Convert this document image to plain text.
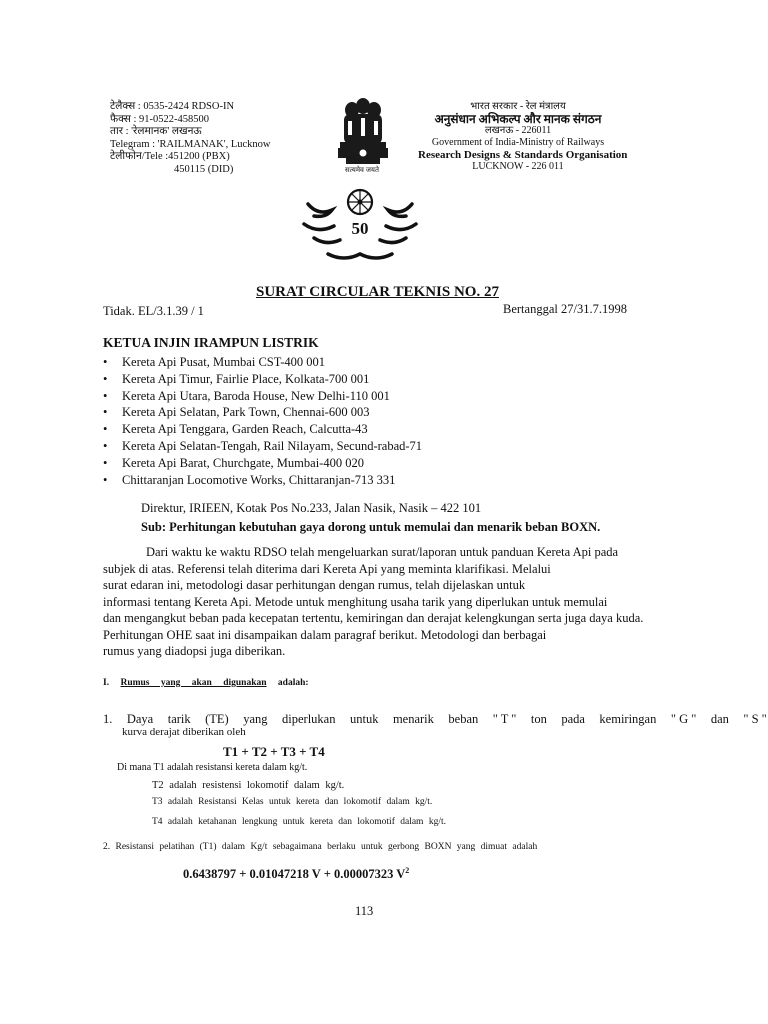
टेलैक्स : 0535-2424 RDSO-IN
फैक्स : 91-0522-458500
तार : 'रेलमानक' लखनऊ
Telegram : 'RAILMANAK', Lucknow
टेलीफोन/Tele :451200 (PBX)
450115 (DID)	सत्यमेव जयते
भारत सरकार - रेल मंत्रालय
अनुसंधान अभिकल्प और मानक संगठन
लखनऊ - 226011
Government of India-Ministry of Railways
Research Designs & Standards Organisation
LUCKNOW - 226 011
50
SURAT CIRCULAR TEKNIS NO. 27
Tidak. EL/3.1.39 / 1	Bertanggal 27/31.7.1998
KETUA INJIN IRAMPUN LISTRIK
• Kereta Api Pusat, Mumbai CST-400 001
• Kereta Api Timur, Fairlie Place, Kolkata-700 001
• Kereta Api Utara, Baroda House, New Delhi-110 001
• Kereta Api Selatan, Park Town, Chennai-600 003
• Kereta Api Tenggara, Garden Reach, Calcutta-43
• Kereta Api Selatan-Tengah, Rail Nilayam, Secund-rabad-71
• Kereta Api Barat, Churchgate, Mumbai-400 020
• Chittaranjan Locomotive Works, Chittaranjan-713 331
Direktur, IRIEEN, Kotak Pos No.233, Jalan Nasik, Nasik – 422 101
Sub: Perhitungan kebutuhan gaya dorong untuk memulai dan menarik beban BOXN.
Dari waktu ke waktu RDSO telah mengeluarkan surat/laporan untuk panduan Kereta Api pada
subjek di atas. Referensi telah diterima dari Kereta Api yang meminta klarifikasi. Melalui
surat edaran ini, metodologi dasar perhitungan dengan rumus, telah dijelaskan untuk
informasi tentang Kereta Api. Metode untuk menghitung usaha tarik yang diperlukan untuk memulai
dan mengangkut beban pada kecepatan tertentu, kemiringan dan derajat kelengkungan serta juga daya kuda.
Perhitungan OHE saat ini disampaikan dalam paragraf berikut. Metodologi dan berbagai
rumus yang diadopsi juga diberikan.
I. Rumus yang akan digunakan adalah:
1. Daya tarik (TE) yang diperlukan untuk menarik beban " T " ton pada kemiringan " G " dan " S "
kurva derajat diberikan oleh
T1 + T2 + T3 + T4
Di mana T1 adalah resistansi kereta dalam kg/t.
T2 adalah resistensi lokomotif dalam kg/t.
T3 adalah Resistansi Kelas untuk kereta dan lokomotif dalam kg/t.
T4 adalah ketahanan lengkung untuk kereta dan lokomotif dalam kg/t.
2. Resistansi pelatihan (T1) dalam Kg/t sebagaimana berlaku untuk gerbong BOXN yang dimuat adalah
0.6438797 + 0.01047218 V + 0.00007323 $V^2$
113
